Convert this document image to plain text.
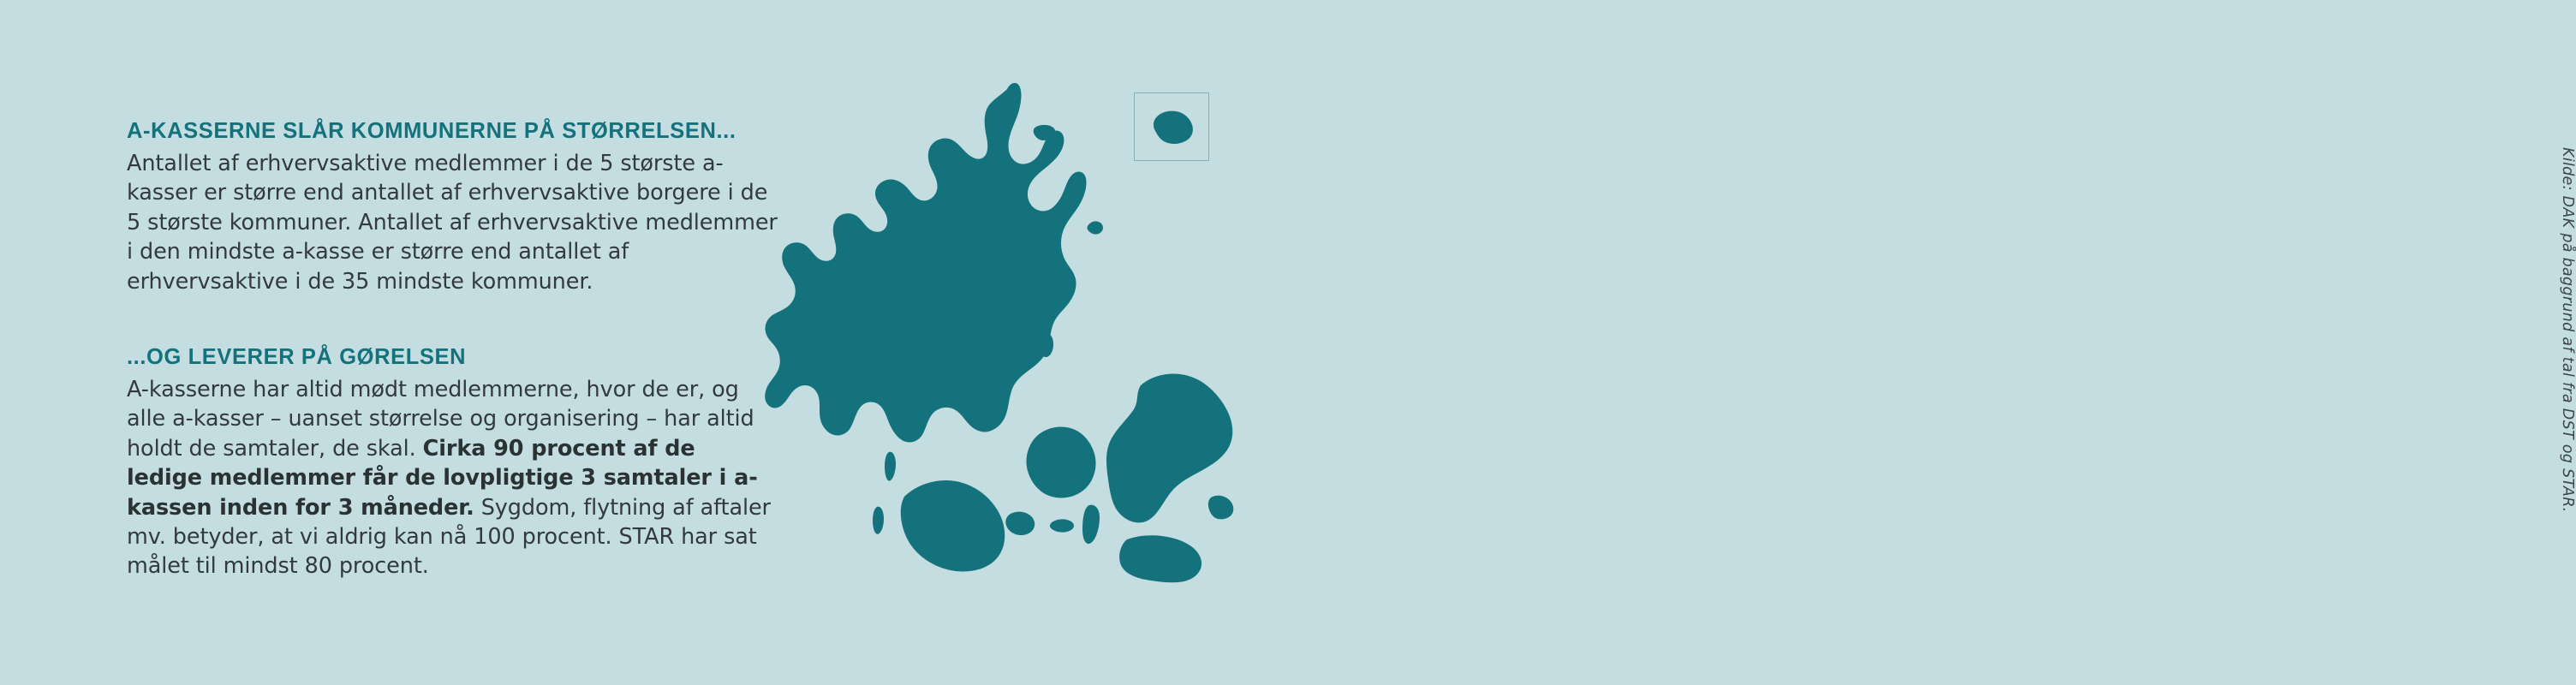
A-KASSERNE SLÅR KOMMUNERNE PÅ STØRRELSEN...

Antallet af erhvervsaktive medlemmer i de 5 største a-kasser er større end antallet af erhvervsaktive borgere i de 5 største kommuner. Antallet af erhvervsaktive medlemmer i den mindste a-kasse er større end antallet af erhvervsaktive i de 35 mindste kommuner.

...OG LEVERER PÅ GØRELSEN

A-kasserne har altid mødt medlemmerne, hvor de er, og alle a-kasser – uanset størrelse og organisering – har altid holdt de samtaler, de skal. Cirka 90 procent af de ledige medlemmer får de lovpligtige 3 samtaler i a-kassen inden for 3 måneder. Sygdom, flytning af aftaler mv. betyder, at vi aldrig kan nå 100 procent. STAR har sat målet til mindst 80 procent.

Kilde: DAK på baggrund af tal fra DST og STAR.
